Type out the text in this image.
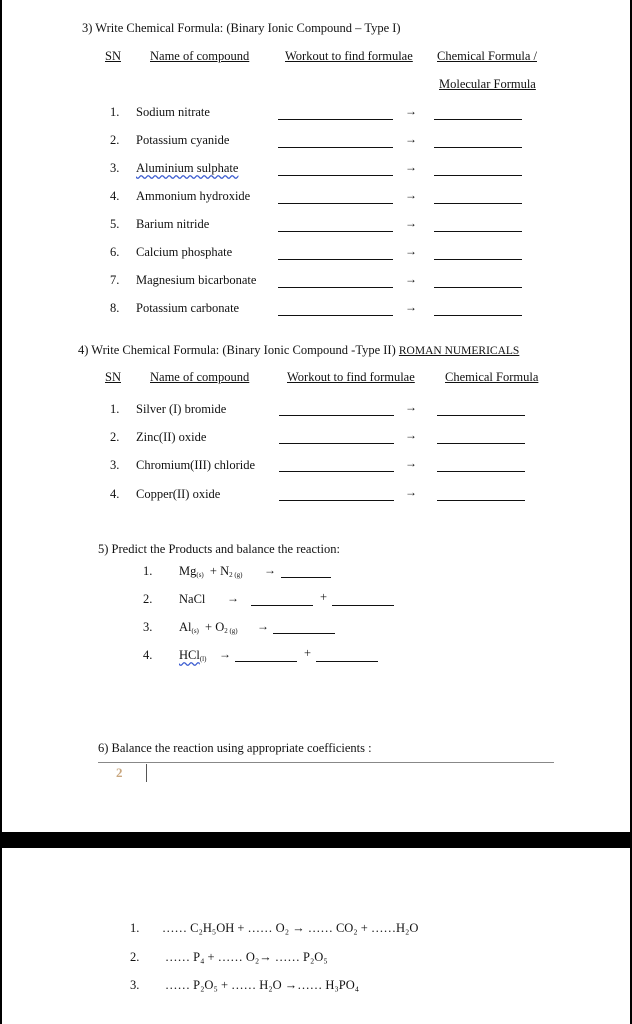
3) Write Chemical Formula: (Binary Ionic Compound – Type I)
SN Name of compound	Workout to find formulae Chemical Formula /
Molecular Formula
1. Sodium nitrate	→
2. Potassium cyanide	→
3. Aluminium sulphate	→
4. Ammonium hydroxide	→
5. Barium nitride	→
6. Calcium phosphate	→
7. Magnesium bicarbonate	→
8. Potassium carbonate	→
4) Write Chemical Formula: (Binary Ionic Compound -Type II) ROMAN NUMERICALS
SN Name of compound	Workout to find formulae Chemical Formula
1. Silver (I) bromide	→
2. Zinc(II) oxide	→
3. Chromium(III) chloride	→
4. Copper(II) oxide	→
5) Predict the Products and balance the reaction:
1. $Mg_{(s)} + N_2$ $_{(g)}$ →
2. NaCl →	+
3. $Al_{(s)} + O_2$ $_{(g)}$ →
4. HCl$_{(l)}$ →	+
6) Balance the reaction using appropriate coefficients :
2
1. …… C₂H₅OH + …… O₂ → …… CO₂ + ……H₂O
2. …… P₄ + …… O₂→ …… P₂O₅
3. …… P₂O₅ + …… H₂O →…… H₃PO₄
